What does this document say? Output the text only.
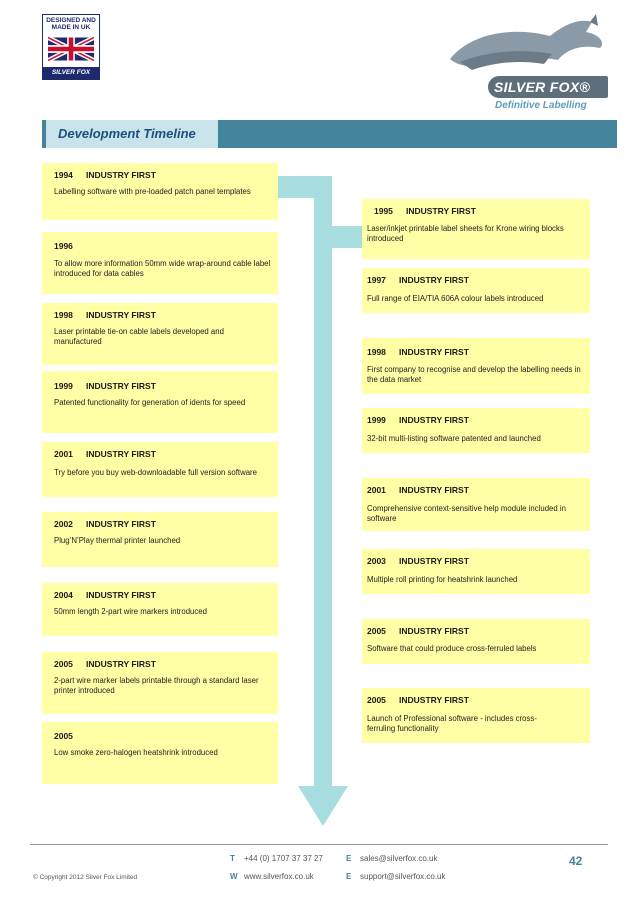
DESIGNED AND MADE IN UK
SILVER FOX
SILVER FOX®
Definitive Labelling
Development Timeline
1994 INDUSTRY FIRST
Labelling software with pre-loaded patch panel templates
1996
To allow more information 50mm wide wrap-around cable label introduced for data cables
1998 INDUSTRY FIRST
Laser printable tie-on cable labels developed and manufactured
1999 INDUSTRY FIRST
Patented functionality for generation of idents for speed
2001 INDUSTRY FIRST
Try before you buy web-downloadable full version software
2002 INDUSTRY FIRST
Plug’N’Play thermal printer launched
2004 INDUSTRY FIRST
50mm length 2-part wire markers introduced
2005 INDUSTRY FIRST
2-part wire marker labels printable through a standard laser printer introduced
2005
Low smoke zero-halogen heatshrink introduced
1995 INDUSTRY FIRST
Laser/inkjet printable label sheets for Krone wiring blocks introduced
1997 INDUSTRY FIRST
Full range of EIA/TIA 606A colour labels introduced
1998 INDUSTRY FIRST
First company to recognise and develop the labelling needs in the data market
1999 INDUSTRY FIRST
32-bit multi-listing software patented and launched
2001 INDUSTRY FIRST
Comprehensive context-sensitive help module included in software
2003 INDUSTRY FIRST
Multiple roll printing for heatshrink launched
2005 INDUSTRY FIRST
Software that could produce cross-ferruled labels
2005 INDUSTRY FIRST
Launch of Professional software - includes cross-ferruling functionality
© Copyright 2012 Silver Fox Limited
T +44 (0) 1707 37 37 27
W www.silverfox.co.uk
E sales@silverfox.co.uk
E support@silverfox.co.uk
42
